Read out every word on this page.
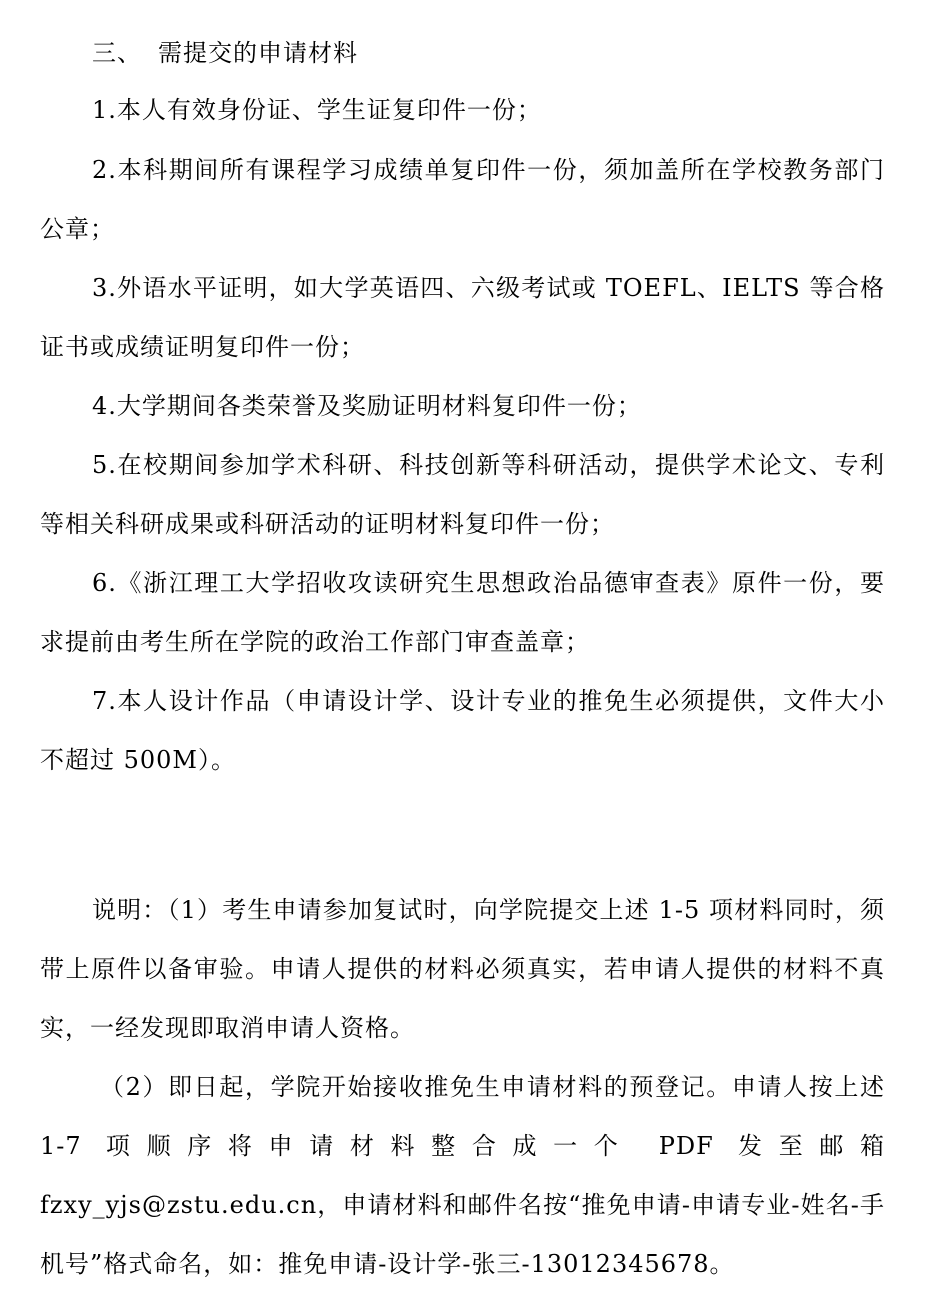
三、 需提交的申请材料

1.本人有效身份证、学生证复印件一份；

2.本科期间所有课程学习成绩单复印件一份，须加盖所在学校教务部门公章；

3.外语水平证明，如大学英语四、六级考试或 TOEFL、IELTS 等合格证书或成绩证明复印件一份；

4.大学期间各类荣誉及奖励证明材料复印件一份；

5.在校期间参加学术科研、科技创新等科研活动，提供学术论文、专利等相关科研成果或科研活动的证明材料复印件一份；

6.《浙江理工大学招收攻读研究生思想政治品德审查表》原件一份，要求提前由考生所在学院的政治工作部门审查盖章；

7.本人设计作品（申请设计学、设计专业的推免生必须提供，文件大小不超过 500M）。

说明：（1）考生申请参加复试时，向学院提交上述 1-5 项材料同时，须带上原件以备审验。申请人提供的材料必须真实，若申请人提供的材料不真实，一经发现即取消申请人资格。

（2）即日起，学院开始接收推免生申请材料的预登记。申请人按上述 1-7 项顺序将申请材料整合成一个 PDF 发至邮箱 fzxy_yjs@zstu.edu.cn，申请材料和邮件名按“推免申请-申请专业-姓名-手机号”格式命名，如：推免申请-设计学-张三-13012345678。
